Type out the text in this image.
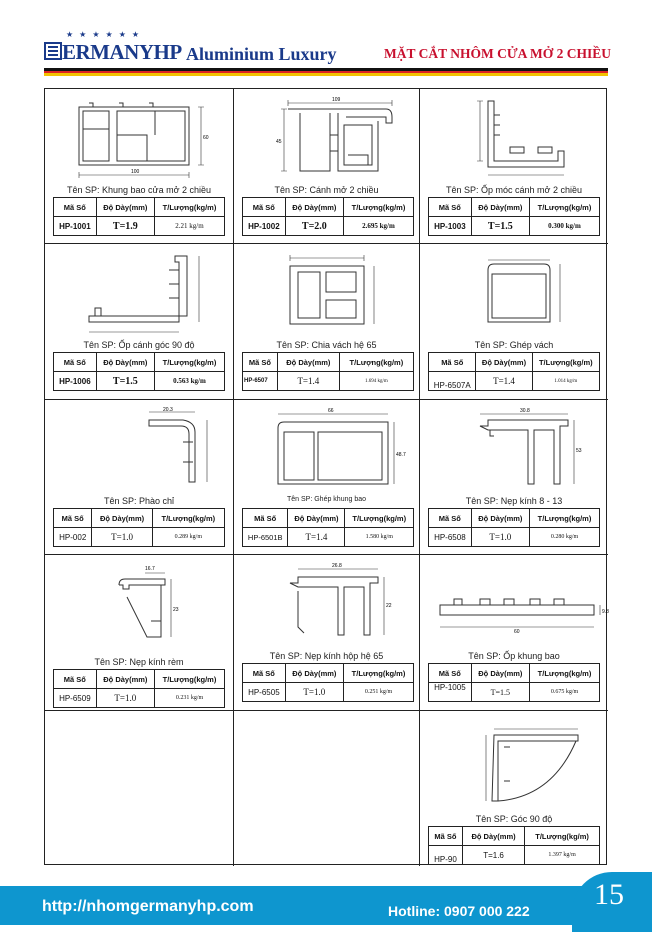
★★★★★★
ERMANYHP Aluminium Luxury	MẶT CẮT NHÔM CỬA MỞ 2 CHIỀU
100
60
Tên SP: Khung bao cửa mở 2 chiều
Mã Số	Độ Dày(mm)	T/Lượng(kg/m)
HP-1001	T=1.9	2.21 kg/m
109
45
Tên SP: Cánh mở 2 chiều
Mã Số	Độ Dày(mm)	T/Lượng(kg/m)
HP-1002	T=2.0	2.695 kg/m
Tên SP: Ốp móc cánh mở 2 chiều
Mã Số	Độ Dày(mm)	T/Lượng(kg/m)
HP-1003	T=1.5	0.300 kg/m
Tên SP: Ốp cánh góc 90 độ
Mã Số	Độ Dày(mm)	T/Lượng(kg/m)
HP-1006	T=1.5	0.563 kg/m
Tên SP: Chia vách hệ 65
Mã Số	Độ Dày(mm)	T/Lượng(kg/m)
HP-6507	T=1.4	1.694 kg/m
Tên SP: Ghép vách
Mã Số	Độ Dày(mm)	T/Lượng(kg/m)
HP-6507A	T=1.4	1.014 kg/m
20.3
Tên SP: Phào chỉ
Mã Số	Độ Dày(mm)	T/Lượng(kg/m)
HP-002	T=1.0	0.289 kg/m
66
48.7
Tên SP: Ghép khung bao
Mã Số	Độ Dày(mm)	T/Lượng(kg/m)
HP-6501B	T=1.4	1.580 kg/m
30.8
53
Tên SP: Nẹp kính 8 - 13
Mã Số	Độ Dày(mm)	T/Lượng(kg/m)
HP-6508	T=1.0	0.280 kg/m
16.7
23
Tên SP: Nẹp kính rèm
Mã Số	Độ Dày(mm)	T/Lượng(kg/m)
HP-6509	T=1.0	0.231 kg/m
26.8
22
Tên SP: Nẹp kính hộp hệ 65
Mã Số	Độ Dày(mm)	T/Lượng(kg/m)
HP-6505	T=1.0	0.251 kg/m
60
9.8
Tên SP: Ốp khung bao
Mã Số	Độ Dày(mm)	T/Lượng(kg/m)
HP-1005	T=1.5	0.675 kg/m
Tên SP: Góc 90 độ
Mã Số	Độ Dày(mm)	T/Lượng(kg/m)
HP-90	T=1.6	1.397 kg/m
http://nhomgermanyhp.com	Hotline: 0907 000 222 15
